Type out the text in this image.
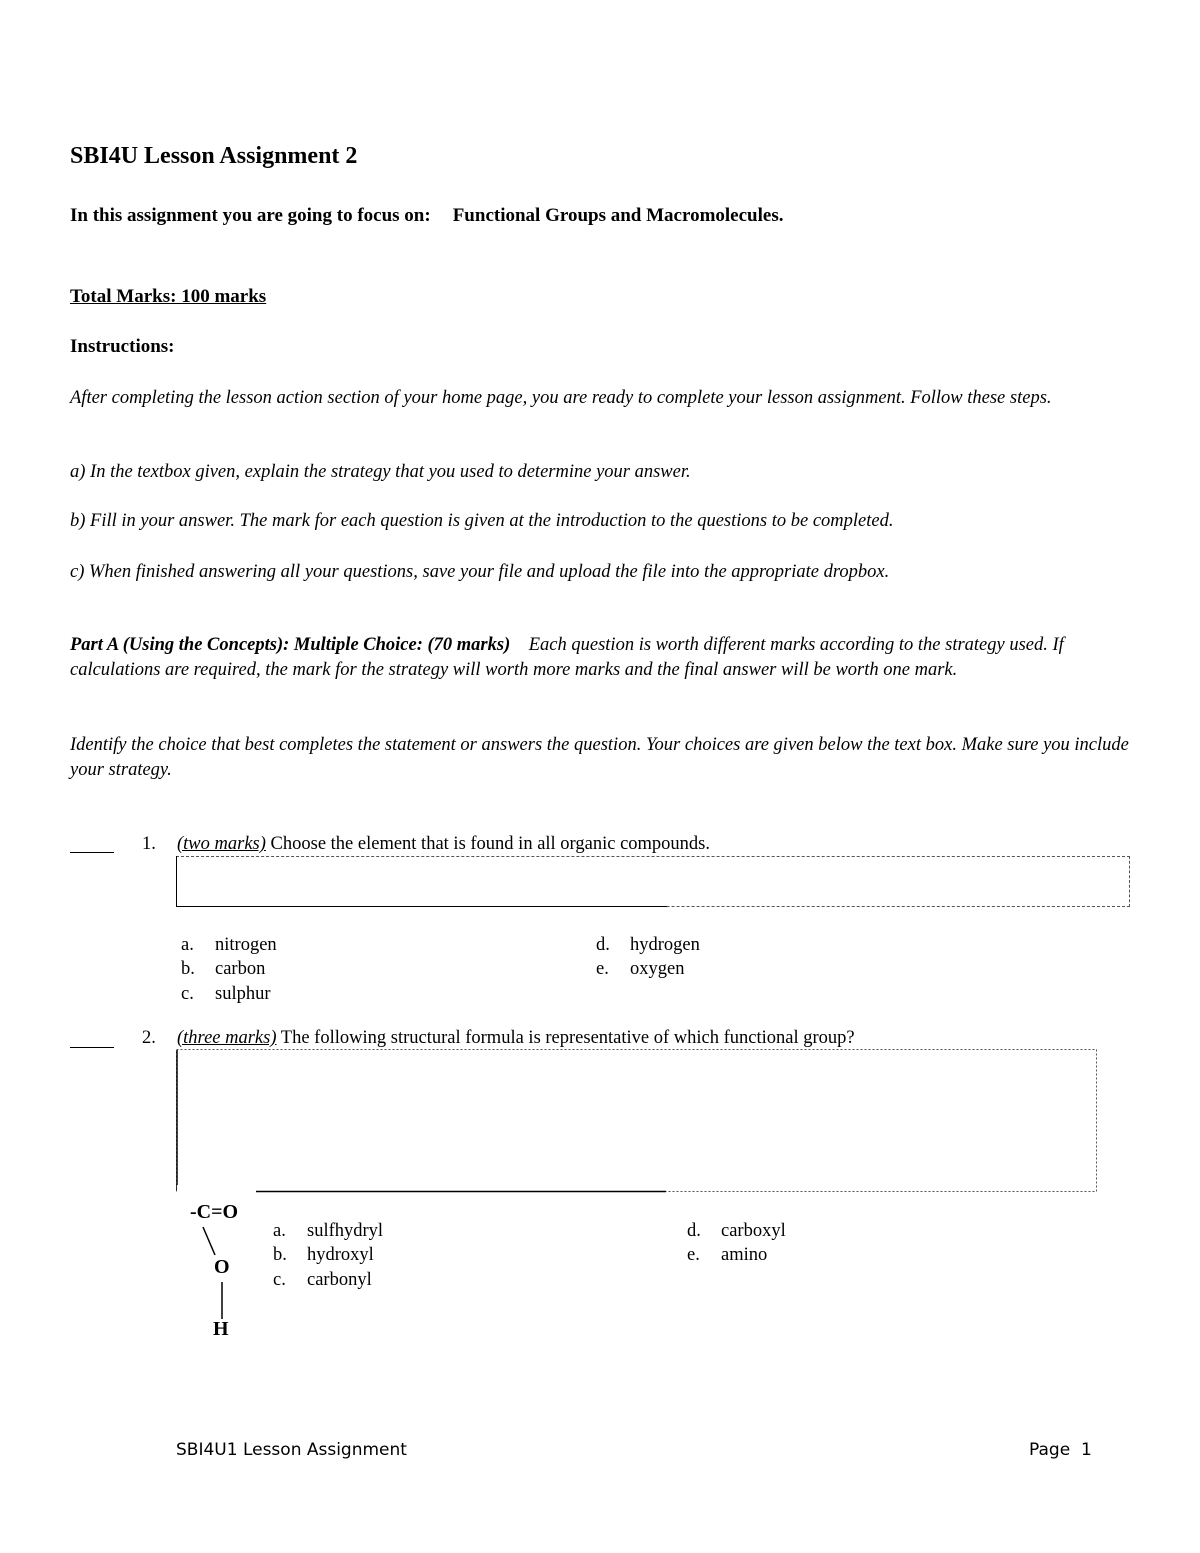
SBI4U Lesson Assignment 2
In this assignment you are going to focus on: Functional Groups and Macromolecules.
Total Marks: 100 marks
Instructions:
After completing the lesson action section of your home page, you are ready to complete your lesson assignment. Follow these steps.
a) In the textbox given, explain the strategy that you used to determine your answer.
b) Fill in your answer. The mark for each question is given at the introduction to the questions to be completed.
c) When finished answering all your questions, save your file and upload the file into the appropriate dropbox.
Part A (Using the Concepts): Multiple Choice: (70 marks) Each question is worth different marks according to the strategy used. If calculations are required, the mark for the strategy will worth more marks and the final answer will be worth one mark.
Identify the choice that best completes the statement or answers the question. Your choices are given below the text box. Make sure you include your strategy.
1. (two marks) Choose the element that is found in all organic compounds.
a. nitrogen
b. carbon
c. sulphur
d. hydrogen
e. oxygen
2. (three marks) The following structural formula is representative of which functional group?
-C=O
O
H
a. sulfhydryl
b. hydroxyl
c. carbonyl
d. carboxyl
e. amino
SBI4U1 Lesson Assignment	Page  1
